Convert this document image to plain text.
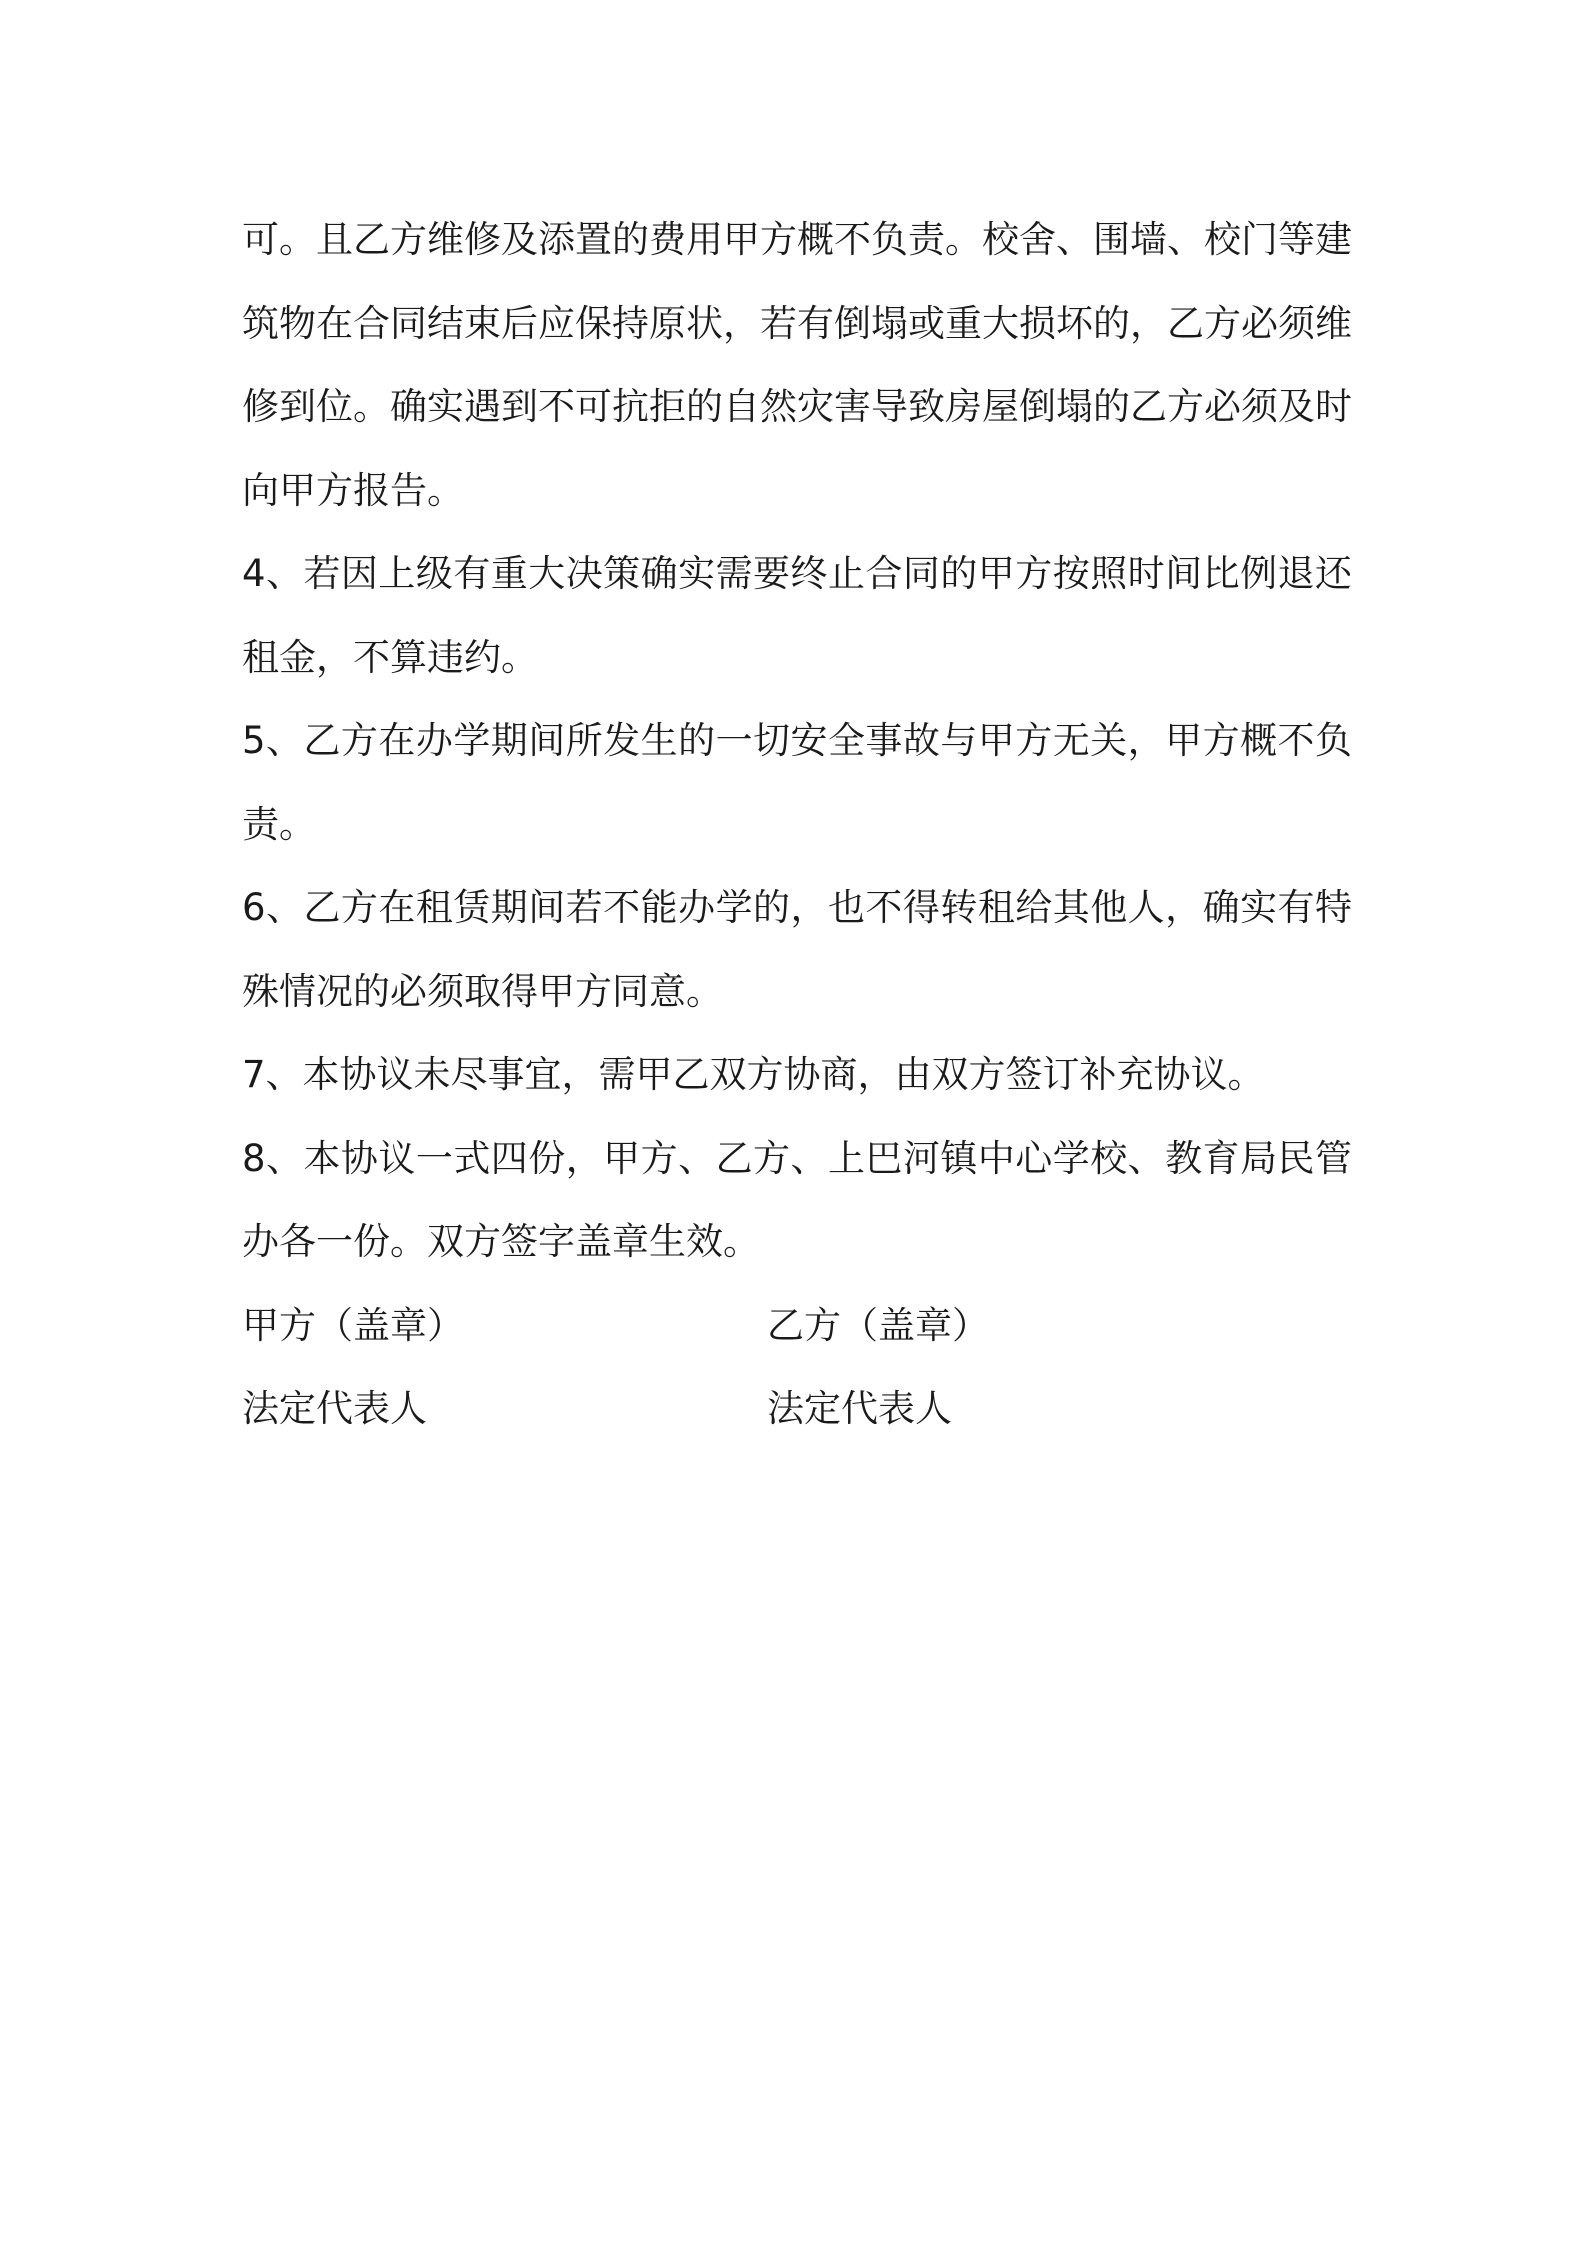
可。且乙方维修及添置的费用甲方概不负责。校舍、围墙、校门等建筑物在合同结束后应保持原状，若有倒塌或重大损坏的，乙方必须维修到位。确实遇到不可抗拒的自然灾害导致房屋倒塌的乙方必须及时向甲方报告。

4、若因上级有重大决策确实需要终止合同的甲方按照时间比例退还租金，不算违约。

5、乙方在办学期间所发生的一切安全事故与甲方无关，甲方概不负责。

6、乙方在租赁期间若不能办学的，也不得转租给其他人，确实有特殊情况的必须取得甲方同意。

7、本协议未尽事宜，需甲乙双方协商，由双方签订补充协议。

8、本协议一式四份，甲方、乙方、上巴河镇中心学校、教育局民管办各一份。双方签字盖章生效。

甲方（盖章）	乙方（盖章）
法定代表人	法定代表人
